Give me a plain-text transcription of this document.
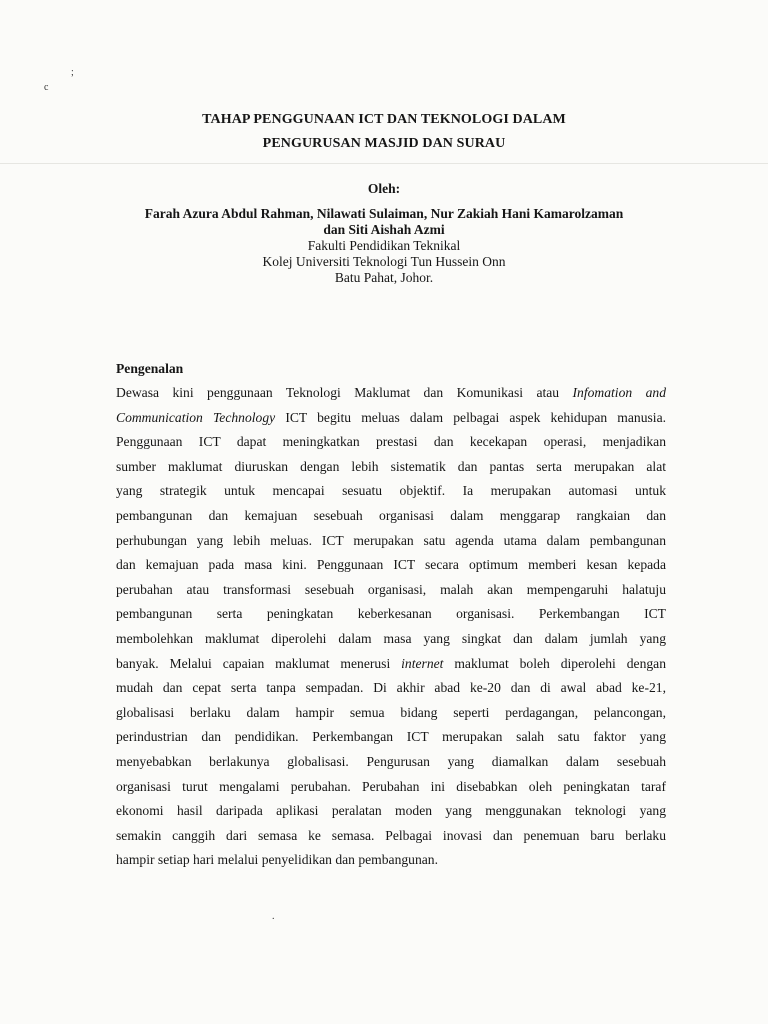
;
c
TAHAP PENGGUNAAN ICT DAN TEKNOLOGI DALAM
PENGURUSAN MASJID DAN SURAU
Oleh:
Farah Azura Abdul Rahman, Nilawati Sulaiman, Nur Zakiah Hani Kamarolzaman
dan Siti Aishah Azmi
Fakulti Pendidikan Teknikal
Kolej Universiti Teknologi Tun Hussein Onn
Batu Pahat, Johor.
Pengenalan

Dewasa kini penggunaan Teknologi Maklumat dan Komunikasi atau Infomation and
Communication Technology ICT begitu meluas dalam pelbagai aspek kehidupan manusia.
Penggunaan ICT dapat meningkatkan prestasi dan kecekapan operasi, menjadikan
sumber maklumat diuruskan dengan lebih sistematik dan pantas serta merupakan alat
yang strategik untuk mencapai sesuatu objektif. Ia merupakan automasi untuk
pembangunan dan kemajuan sesebuah organisasi dalam menggarap rangkaian dan
perhubungan yang lebih meluas. ICT merupakan satu agenda utama dalam pembangunan
dan kemajuan pada masa kini. Penggunaan ICT secara optimum memberi kesan kepada
perubahan atau transformasi sesebuah organisasi, malah akan mempengaruhi halatuju
pembangunan serta peningkatan keberkesanan organisasi. Perkembangan ICT
membolehkan maklumat diperolehi dalam masa yang singkat dan dalam jumlah yang
banyak. Melalui capaian maklumat menerusi internet maklumat boleh diperolehi dengan
mudah dan cepat serta tanpa sempadan. Di akhir abad ke-20 dan di awal abad ke-21,
globalisasi berlaku dalam hampir semua bidang seperti perdagangan, pelancongan,
perindustrian dan pendidikan. Perkembangan ICT merupakan salah satu faktor yang
menyebabkan berlakunya globalisasi. Pengurusan yang diamalkan dalam sesebuah
organisasi turut mengalami perubahan. Perubahan ini disebabkan oleh peningkatan taraf
ekonomi hasil daripada aplikasi peralatan moden yang menggunakan teknologi yang
semakin canggih dari semasa ke semasa. Pelbagai inovasi dan penemuan baru berlaku
hampir setiap hari melalui penyelidikan dan pembangunan.

.
